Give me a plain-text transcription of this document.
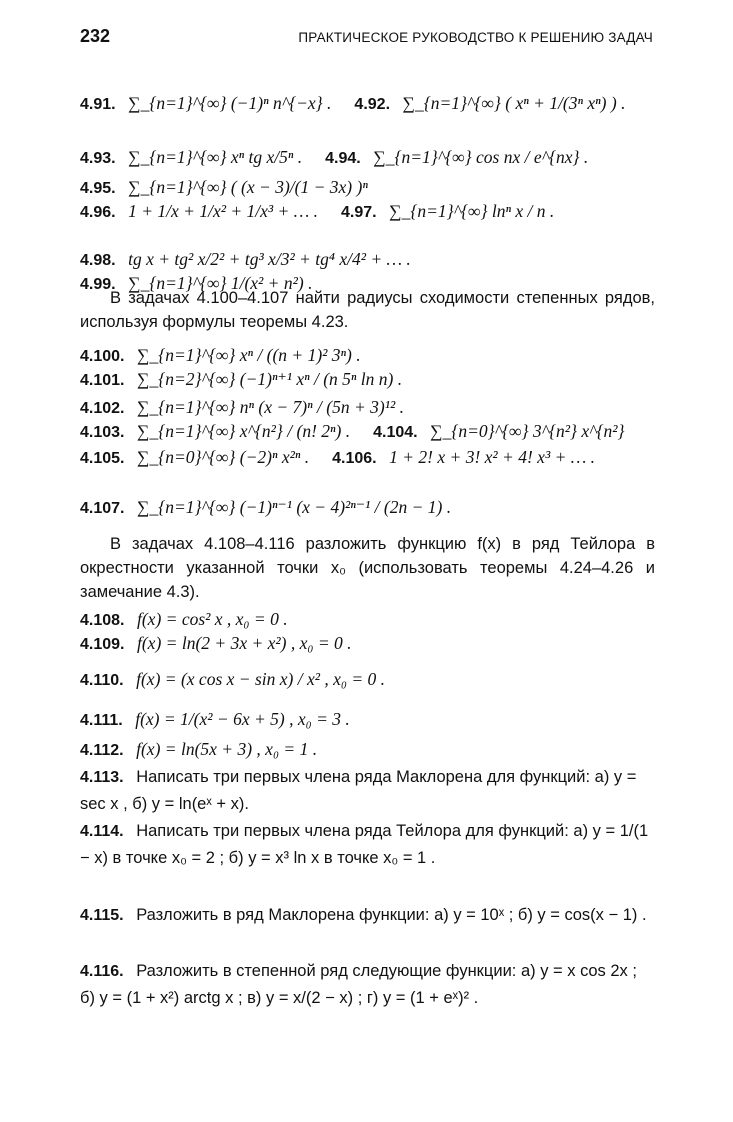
232	ПРАКТИЧЕСКОЕ РУКОВОДСТВО К РЕШЕНИЮ ЗАДАЧ
4.91. ∑_{n=1}^{∞} (−1)ⁿ n^{−x} . 4.92. ∑_{n=1}^{∞} ( xⁿ + 1/(3ⁿ xⁿ) ) .
4.93. ∑_{n=1}^{∞} xⁿ tg x/5ⁿ . 4.94. ∑_{n=1}^{∞} cos nx / e^{nx} .
4.95. ∑_{n=1}^{∞} ( (x − 3)/(1 − 3x) )ⁿ
4.96. 1 + 1/x + 1/x² + 1/x³ + … . 4.97. ∑_{n=1}^{∞} lnⁿ x / n .
4.98. tg x + tg² x/2² + tg³ x/3² + tg⁴ x/4² + … .
4.99. ∑_{n=1}^{∞} 1/(x² + n²) .
В задачах 4.100–4.107 найти радиусы сходимости степенных рядов, используя формулы теоремы 4.23.
4.100. ∑_{n=1}^{∞} xⁿ / ((n + 1)² 3ⁿ) .
4.101. ∑_{n=2}^{∞} (−1)ⁿ⁺¹ xⁿ / (n 5ⁿ ln n) .
4.102. ∑_{n=1}^{∞} nⁿ (x − 7)ⁿ / (5n + 3)¹² .
4.103. ∑_{n=1}^{∞} x^{n²} / (n! 2ⁿ) . 4.104. ∑_{n=0}^{∞} 3^{n²} x^{n²}
4.105. ∑_{n=0}^{∞} (−2)ⁿ x²ⁿ . 4.106. 1 + 2! x + 3! x² + 4! x³ + … .
4.107. ∑_{n=1}^{∞} (−1)ⁿ⁻¹ (x − 4)²ⁿ⁻¹ / (2n − 1) .
В задачах 4.108–4.116 разложить функцию f(x) в ряд Тейлора в окрестности указанной точки x₀ (использовать теоремы 4.24–4.26 и замечание 4.3).
4.108. f(x) = cos² x , x₀ = 0 .
4.109. f(x) = ln(2 + 3x + x²) , x₀ = 0 .
4.110. f(x) = (x cos x − sin x) / x² , x₀ = 0 .
4.111. f(x) = 1/(x² − 6x + 5) , x₀ = 3 .
4.112. f(x) = ln(5x + 3) , x₀ = 1 .
4.113. Написать три первых члена ряда Маклорена для функций: а) y = sec x , б) y = ln(eˣ + x).
4.114. Написать три первых члена ряда Тейлора для функций: а) y = 1/(1 − x) в точке x₀ = 2 ; б) y = x³ ln x в точке x₀ = 1 .
4.115. Разложить в ряд Маклорена функции: а) y = 10ˣ ; б) y = cos(x − 1) .
4.116. Разложить в степенной ряд следующие функции: а) y = x cos 2x ; б) y = (1 + x²) arctg x ; в) y = x/(2 − x) ; г) y = (1 + eˣ)² .
